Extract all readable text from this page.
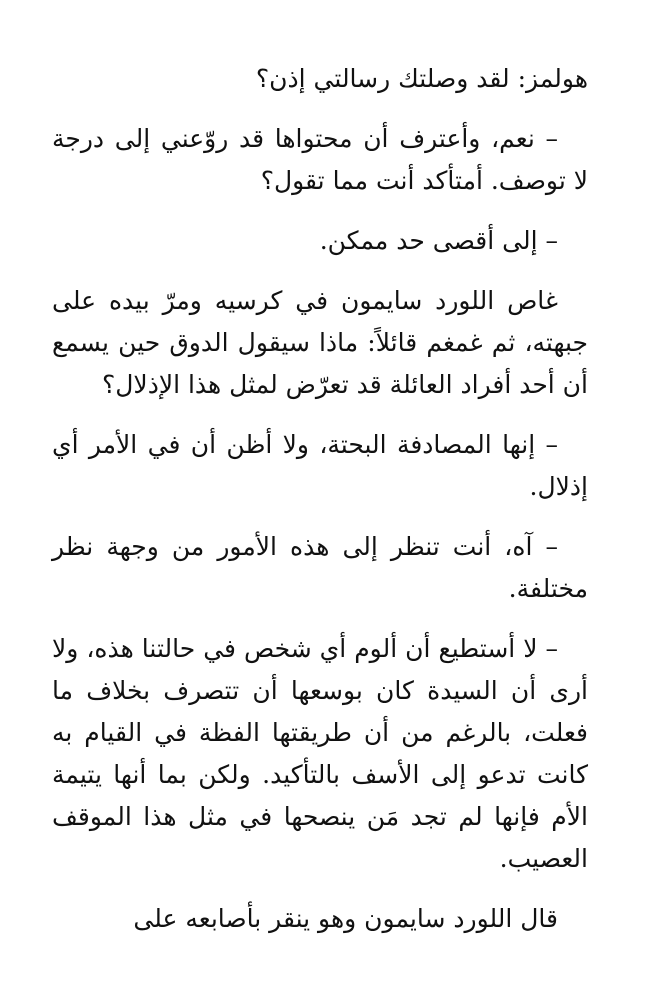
هولمز: لقد وصلتك رسالتي إذن؟

– نعم، وأعترف أن محتواها قد روّعني إلى درجة لا توصف. أمتأكد أنت مما تقول؟

– إلى أقصى حد ممكن.

غاص اللورد سايمون في كرسيه ومرّ بيده على جبهته، ثم غمغم قائلاً: ماذا سيقول الدوق حين يسمع أن أحد أفراد العائلة قد تعرّض لمثل هذا الإذلال؟

– إنها المصادفة البحتة، ولا أظن أن في الأمر أي إذلال.

– آه، أنت تنظر إلى هذه الأمور من وجهة نظر مختلفة.

– لا أستطيع أن ألوم أي شخص في حالتنا هذه، ولا أرى أن السيدة كان بوسعها أن تتصرف بخلاف ما فعلت، بالرغم من أن طريقتها الفظة في القيام به كانت تدعو إلى الأسف بالتأكيد. ولكن بما أنها يتيمة الأم فإنها لم تجد مَن ينصحها في مثل هذا الموقف العصيب.

قال اللورد سايمون وهو ينقر بأصابعه على
